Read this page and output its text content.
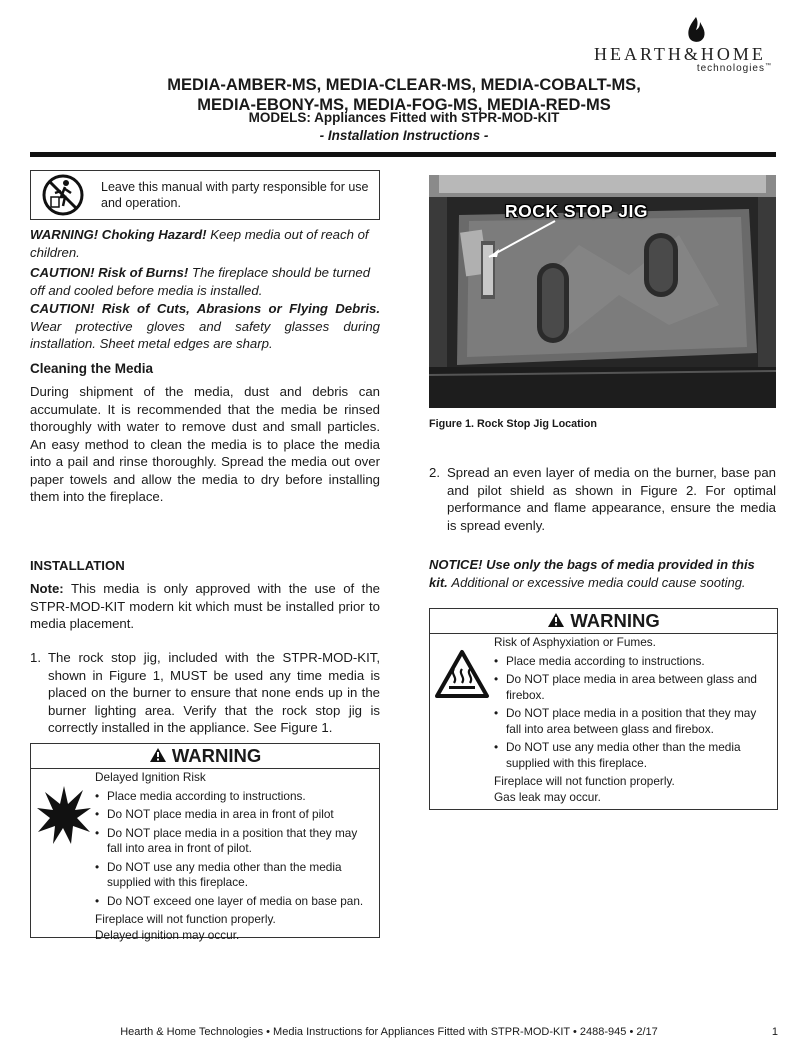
HEARTH&HOME
technologies™
MEDIA-AMBER-MS, MEDIA-CLEAR-MS, MEDIA-COBALT-MS,
MEDIA-EBONY-MS, MEDIA-FOG-MS, MEDIA-RED-MS
MODELS: Appliances Fitted with STPR-MOD-KIT
- Installation Instructions -
Leave this manual with party responsible for use and operation.
WARNING! Choking Hazard! Keep media out of reach of children.
CAUTION! Risk of Burns! The fireplace should be turned off and cooled before media is installed.
CAUTION! Risk of Cuts, Abrasions or Flying Debris. Wear protective gloves and safety glasses during installation. Sheet metal edges are sharp.
Cleaning the Media
During shipment of the media, dust and debris can accumulate. It is recommended that the media be rinsed thoroughly with water to remove dust and small particles. An easy method to clean the media is to place the media into a pail and rinse thoroughly. Spread the media out over paper towels and allow the media to dry before installing them into the fireplace.
INSTALLATION
Note: This media is only approved with the use of the STPR-MOD-KIT modern kit which must be installed prior to media placement.
1. The rock stop jig, included with the STPR-MOD-KIT, shown in Figure 1, MUST be used any time media is placed on the burner to ensure that none ends up in the burner lighting area. Verify that the rock stop jig is correctly installed in the appliance. See Figure 1.
WARNING
Delayed Ignition Risk
• Place media according to instructions.
• Do NOT place media in area in front of pilot
• Do NOT place media in a position that they may fall into area in front of pilot.
• Do NOT use any media other than the media supplied with this fireplace.
• Do NOT exceed one layer of media on base pan.
Fireplace will not function properly.
Delayed ignition may occur.
ROCK STOP JIG
Figure 1. Rock Stop Jig Location
2. Spread an even layer of media on the burner, base pan and pilot shield as shown in Figure 2. For optimal performance and flame appearance, ensure the media is spread evenly.
NOTICE! Use only the bags of media provided in this kit. Additional or excessive media could cause sooting.
WARNING
Risk of Asphyxiation or Fumes.
• Place media according to instructions.
• Do NOT place media in area between glass and firebox.
• Do NOT place media in a position that they may fall into area between glass and firebox.
• Do NOT use any media other than the media supplied with this fireplace.
Fireplace will not function properly.
Gas leak may occur.
Hearth & Home Technologies • Media Instructions for Appliances Fitted with STPR-MOD-KIT • 2488-945 • 2/17	1
